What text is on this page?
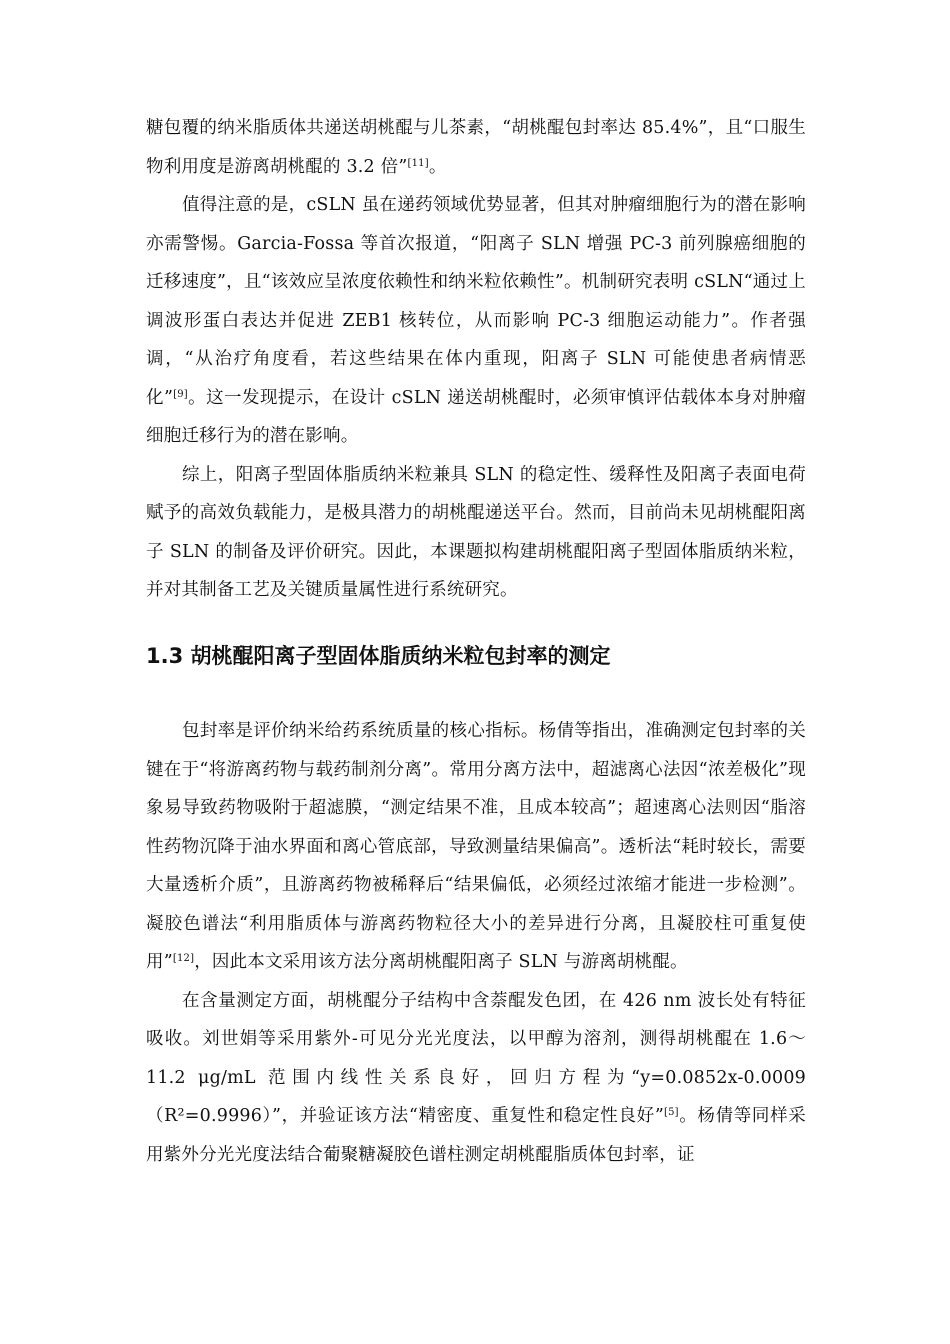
糖包覆的纳米脂质体共递送胡桃醌与儿茶素，“胡桃醌包封率达 85.4%”，且“口服生物利用度是游离胡桃醌的 3.2 倍”[11]。

值得注意的是，cSLN 虽在递药领域优势显著，但其对肿瘤细胞行为的潜在影响亦需警惕。Garcia-Fossa 等首次报道，“阳离子 SLN 增强 PC-3 前列腺癌细胞的迁移速度”，且“该效应呈浓度依赖性和纳米粒依赖性”。机制研究表明 cSLN“通过上调波形蛋白表达并促进 ZEB1 核转位，从而影响 PC-3 细胞运动能力”。作者强调，“从治疗角度看，若这些结果在体内重现，阳离子 SLN 可能使患者病情恶化”[9]。这一发现提示，在设计 cSLN 递送胡桃醌时，必须审慎评估载体本身对肿瘤细胞迁移行为的潜在影响。

综上，阳离子型固体脂质纳米粒兼具 SLN 的稳定性、缓释性及阳离子表面电荷赋予的高效负载能力，是极具潜力的胡桃醌递送平台。然而，目前尚未见胡桃醌阳离子 SLN 的制备及评价研究。因此，本课题拟构建胡桃醌阳离子型固体脂质纳米粒，并对其制备工艺及关键质量属性进行系统研究。

1.3 胡桃醌阳离子型固体脂质纳米粒包封率的测定

包封率是评价纳米给药系统质量的核心指标。杨倩等指出，准确测定包封率的关键在于“将游离药物与载药制剂分离”。常用分离方法中，超滤离心法因“浓差极化”现象易导致药物吸附于超滤膜，“测定结果不准，且成本较高”；超速离心法则因“脂溶性药物沉降于油水界面和离心管底部，导致测量结果偏高”。透析法“耗时较长，需要大量透析介质”，且游离药物被稀释后“结果偏低，必须经过浓缩才能进一步检测”。凝胶色谱法“利用脂质体与游离药物粒径大小的差异进行分离，且凝胶柱可重复使用”[12]，因此本文采用该方法分离胡桃醌阳离子 SLN 与游离胡桃醌。

在含量测定方面，胡桃醌分子结构中含萘醌发色团，在 426 nm 波长处有特征吸收。刘世娟等采用紫外-可见分光光度法，以甲醇为溶剂，测得胡桃醌在 1.6～11.2 μg/mL 范围内线性关系良好，回归方程为“y=0.0852x-0.0009（R²=0.9996）”，并验证该方法“精密度、重复性和稳定性良好”[5]。杨倩等同样采用紫外分光光度法结合葡聚糖凝胶色谱柱测定胡桃醌脂质体包封率，证
